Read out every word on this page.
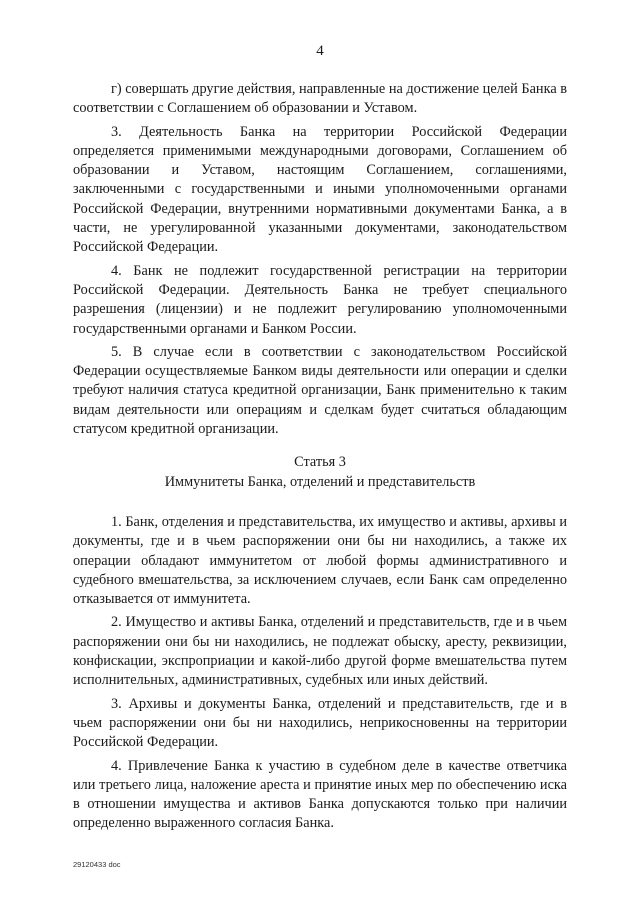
4

г) совершать другие действия, направленные на достижение целей Банка в соответствии с Соглашением об образовании и Уставом.

3. Деятельность Банка на территории Российской Федерации определяется применимыми международными договорами, Соглашением об образовании и Уставом, настоящим Соглашением, соглашениями, заключенными с государственными и иными уполномоченными органами Российской Федерации, внутренними нормативными документами Банка, а в части, не урегулированной указанными документами, законодательством Российской Федерации.

4. Банк не подлежит государственной регистрации на территории Российской Федерации. Деятельность Банка не требует специального разрешения (лицензии) и не подлежит регулированию уполномоченными государственными органами и Банком России.

5. В случае если в соответствии с законодательством Российской Федерации осуществляемые Банком виды деятельности или операции и сделки требуют наличия статуса кредитной организации, Банк применительно к таким видам деятельности или операциям и сделкам будет считаться обладающим статусом кредитной организации.

Статья 3
Иммунитеты Банка, отделений и представительств

1. Банк, отделения и представительства, их имущество и активы, архивы и документы, где и в чьем распоряжении они бы ни находились, а также их операции обладают иммунитетом от любой формы административного и судебного вмешательства, за исключением случаев, если Банк сам определенно отказывается от иммунитета.

2. Имущество и активы Банка, отделений и представительств, где и в чьем распоряжении они бы ни находились, не подлежат обыску, аресту, реквизиции, конфискации, экспроприации и какой-либо другой форме вмешательства путем исполнительных, административных, судебных или иных действий.

3. Архивы и документы Банка, отделений и представительств, где и в чьем распоряжении они бы ни находились, неприкосновенны на территории Российской Федерации.

4. Привлечение Банка к участию в судебном деле в качестве ответчика или третьего лица, наложение ареста и принятие иных мер по обеспечению иска в отношении имущества и активов Банка допускаются только при наличии определенно выраженного согласия Банка.

29120433 doc
